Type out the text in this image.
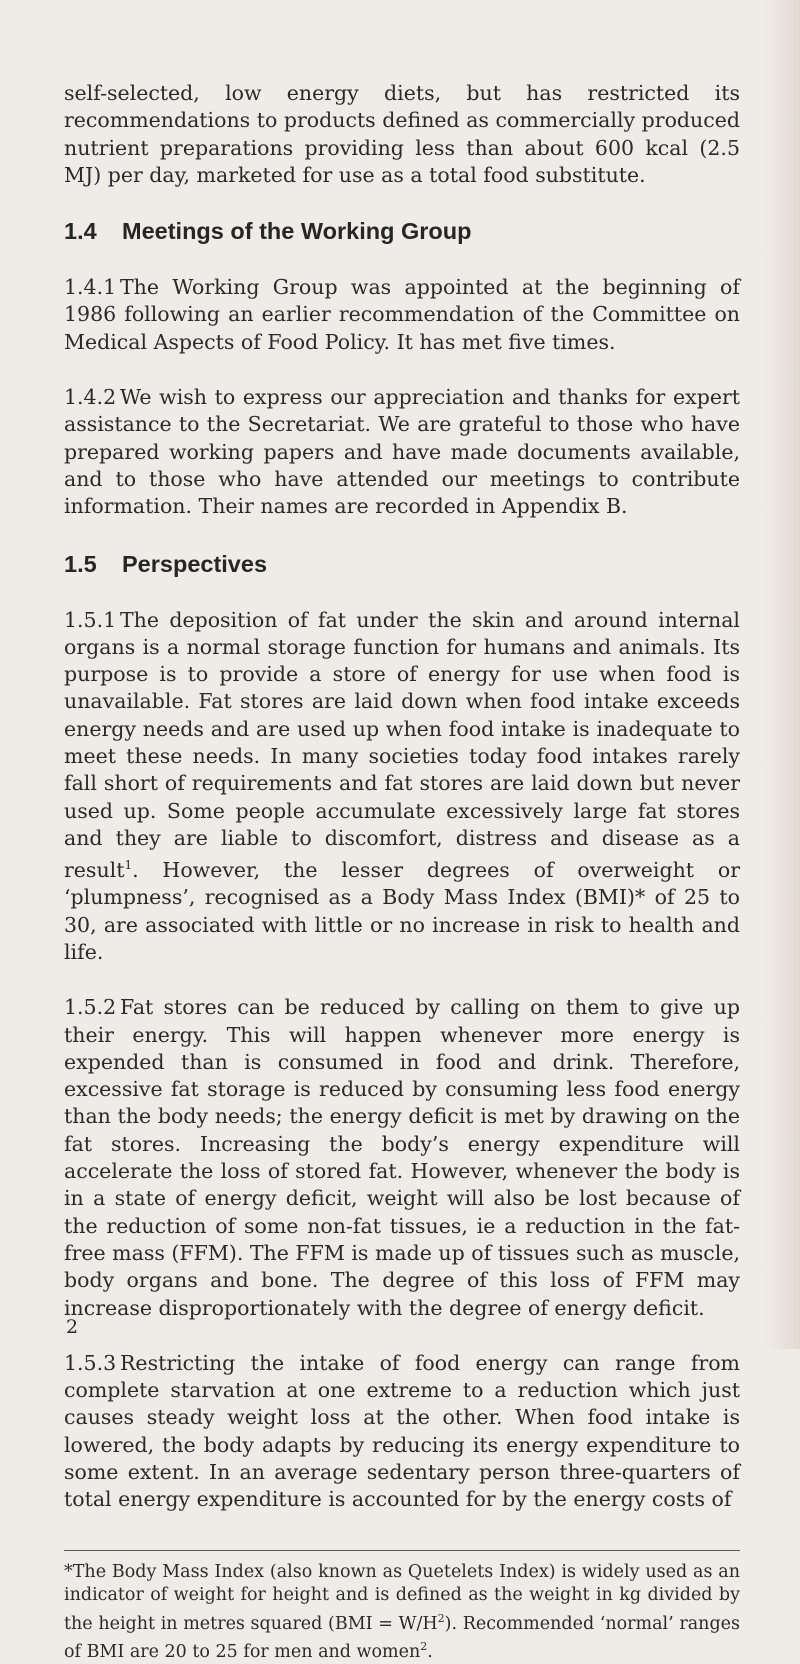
self-selected, low energy diets, but has restricted its recommendations to products defined as commercially produced nutrient preparations providing less than about 600 kcal (2.5 MJ) per day, marketed for use as a total food substitute.

1.4 Meetings of the Working Group

1.4.1 The Working Group was appointed at the beginning of 1986 following an earlier recommendation of the Committee on Medical Aspects of Food Policy. It has met five times.

1.4.2 We wish to express our appreciation and thanks for expert assistance to the Secretariat. We are grateful to those who have prepared working papers and have made documents available, and to those who have attended our meetings to contribute information. Their names are recorded in Appendix B.

1.5 Perspectives

1.5.1 The deposition of fat under the skin and around internal organs is a normal storage function for humans and animals. Its purpose is to provide a store of energy for use when food is unavailable. Fat stores are laid down when food intake exceeds energy needs and are used up when food intake is inadequate to meet these needs. In many societies today food intakes rarely fall short of requirements and fat stores are laid down but never used up. Some people accumulate excessively large fat stores and they are liable to discomfort, distress and disease as a result$^1$. However, the lesser degrees of overweight or ‘plumpness’, recognised as a Body Mass Index (BMI)* of 25 to 30, are associated with little or no increase in risk to health and life.

1.5.2 Fat stores can be reduced by calling on them to give up their energy. This will happen whenever more energy is expended than is consumed in food and drink. Therefore, excessive fat storage is reduced by consuming less food energy than the body needs; the energy deficit is met by drawing on the fat stores. Increasing the body’s energy expenditure will accelerate the loss of stored fat. However, whenever the body is in a state of energy deficit, weight will also be lost because of the reduction of some non-fat tissues, ie a reduction in the fat-free mass (FFM). The FFM is made up of tissues such as muscle, body organs and bone. The degree of this loss of FFM may increase disproportionately with the degree of energy deficit.

1.5.3 Restricting the intake of food energy can range from complete starvation at one extreme to a reduction which just causes steady weight loss at the other. When food intake is lowered, the body adapts by reducing its energy expenditure to some extent. In an average sedentary person three-quarters of total energy expenditure is accounted for by the energy costs of

*The Body Mass Index (also known as Quetelets Index) is widely used as an indicator of weight for height and is defined as the weight in kg divided by the height in metres squared $(BMI = W/H^2)$. Recommended ‘normal’ ranges of BMI are 20 to 25 for men and women$^2$.

2
